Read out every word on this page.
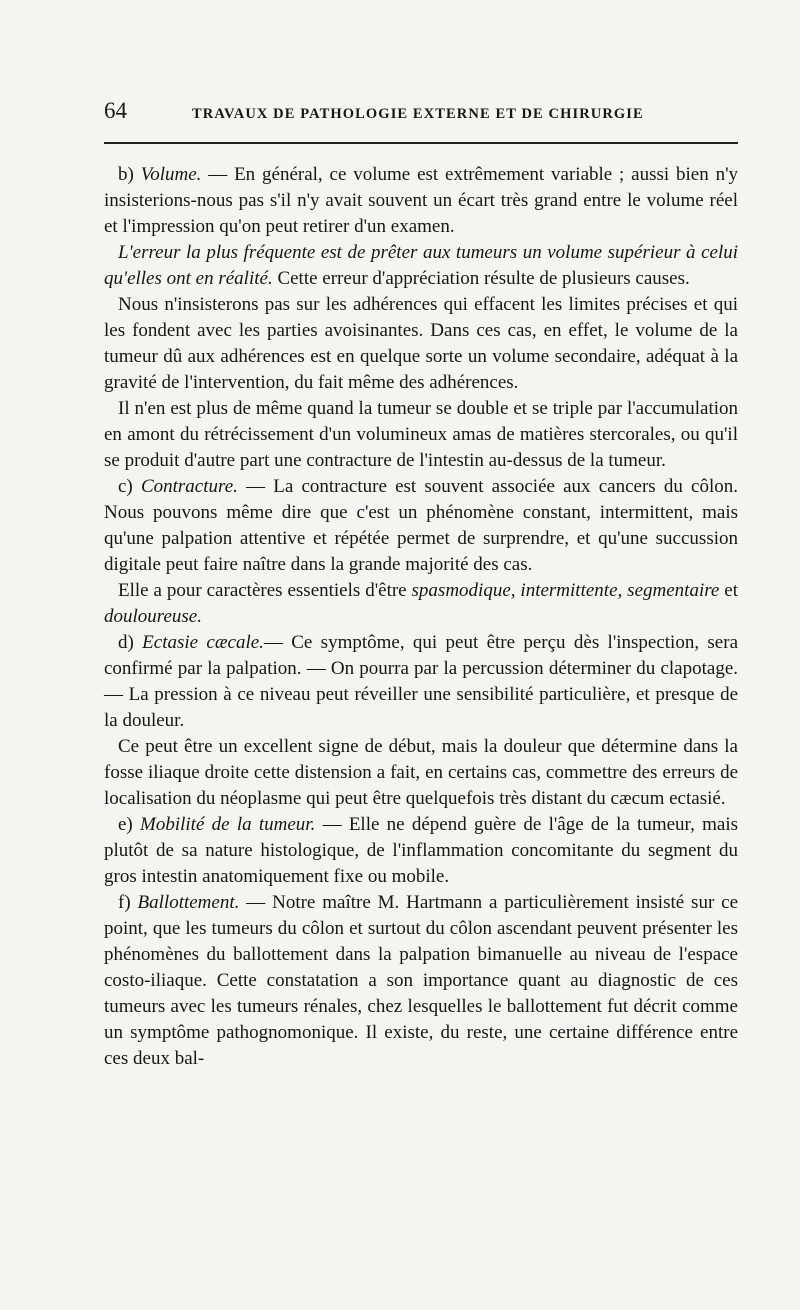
64	TRAVAUX DE PATHOLOGIE EXTERNE ET DE CHIRURGIE

b) Volume. — En général, ce volume est extrêmement variable ; aussi bien n'y insisterions-nous pas s'il n'y avait souvent un écart très grand entre le volume réel et l'impression qu'on peut retirer d'un examen.

L'erreur la plus fréquente est de prêter aux tumeurs un volume supérieur à celui qu'elles ont en réalité. Cette erreur d'appréciation résulte de plusieurs causes.

Nous n'insisterons pas sur les adhérences qui effacent les limites précises et qui les fondent avec les parties avoisinantes. Dans ces cas, en effet, le volume de la tumeur dû aux adhérences est en quelque sorte un volume secondaire, adéquat à la gravité de l'intervention, du fait même des adhérences.

Il n'en est plus de même quand la tumeur se double et se triple par l'accumulation en amont du rétrécissement d'un volumineux amas de matières stercorales, ou qu'il se produit d'autre part une contracture de l'intestin au-dessus de la tumeur.

c) Contracture. — La contracture est souvent associée aux cancers du côlon. Nous pouvons même dire que c'est un phénomène constant, intermittent, mais qu'une palpation attentive et répétée permet de surprendre, et qu'une succussion digitale peut faire naître dans la grande majorité des cas.

Elle a pour caractères essentiels d'être spasmodique, intermittente, segmentaire et douloureuse.

d) Ectasie cæcale.— Ce symptôme, qui peut être perçu dès l'inspection, sera confirmé par la palpation. — On pourra par la percussion déterminer du clapotage.— La pression à ce niveau peut réveiller une sensibilité particulière, et presque de la douleur.

Ce peut être un excellent signe de début, mais la douleur que détermine dans la fosse iliaque droite cette distension a fait, en certains cas, commettre des erreurs de localisation du néoplasme qui peut être quelquefois très distant du cæcum ectasié.

e) Mobilité de la tumeur. — Elle ne dépend guère de l'âge de la tumeur, mais plutôt de sa nature histologique, de l'inflammation concomitante du segment du gros intestin anatomiquement fixe ou mobile.

f) Ballottement. — Notre maître M. Hartmann a particulièrement insisté sur ce point, que les tumeurs du côlon et surtout du côlon ascendant peuvent présenter les phénomènes du ballottement dans la palpation bimanuelle au niveau de l'espace costo-iliaque. Cette constatation a son importance quant au diagnostic de ces tumeurs avec les tumeurs rénales, chez lesquelles le ballottement fut décrit comme un symptôme pathognomonique. Il existe, du reste, une certaine différence entre ces deux bal-
